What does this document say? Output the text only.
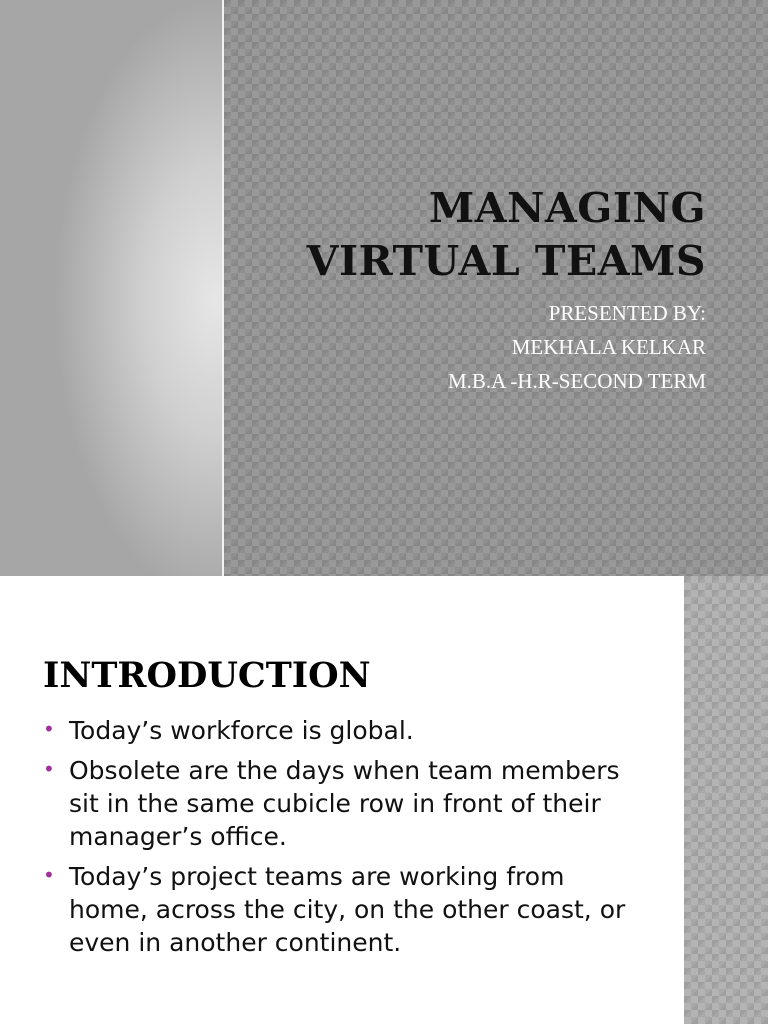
MANAGING
VIRTUAL TEAMS
PRESENTED BY:
MEKHALA KELKAR
M.B.A -H.R-SECOND TERM
INTRODUCTION
• Today’s workforce is global.
• Obsolete are the days when team members sit in the same cubicle row in front of their manager’s office.
• Today’s project teams are working from home, across the city, on the other coast, or even in another continent.
